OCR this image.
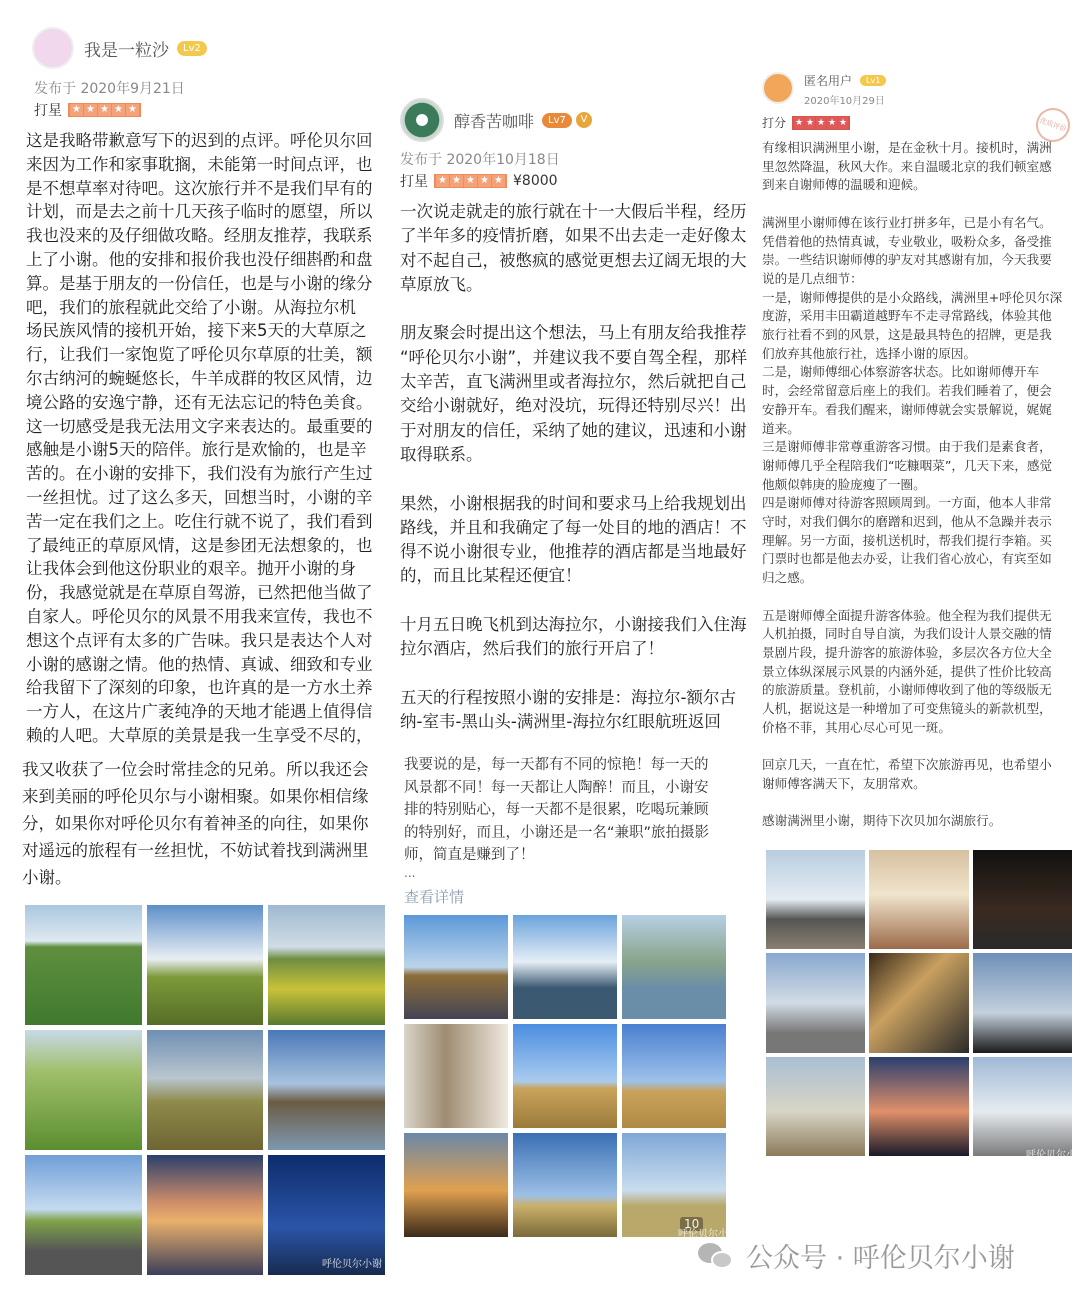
我是一粒沙	Lv2
发布于 2020年9月21日
打星 ★ ★ ★ ★ ★
这是我略带歉意写下的迟到的点评。呼伦贝尔回
来因为工作和家事耽搁，未能第一时间点评，也
是不想草率对待吧。这次旅行并不是我们早有的
计划，而是去之前十几天孩子临时的愿望，所以
我也没来的及仔细做攻略。经朋友推荐，我联系
上了小谢。他的安排和报价我也没仔细斟酌和盘
算。是基于朋友的一份信任，也是与小谢的缘分
吧，我们的旅程就此交给了小谢。从海拉尔机
场民族风情的接机开始，接下来5天的大草原之
行，让我们一家饱览了呼伦贝尔草原的壮美，额
尔古纳河的蜿蜒悠长，牛羊成群的牧区风情，边
境公路的安逸宁静，还有无法忘记的特色美食。
这一切感受是我无法用文字来表达的。最重要的
感触是小谢5天的陪伴。旅行是欢愉的，也是辛
苦的。在小谢的安排下，我们没有为旅行产生过
一丝担忧。过了这么多天，回想当时，小谢的辛
苦一定在我们之上。吃住行就不说了，我们看到
了最纯正的草原风情，这是参团无法想象的，也
让我体会到他这份职业的艰辛。抛开小谢的身
份，我感觉就是在草原自驾游，已然把他当做了
自家人。呼伦贝尔的风景不用我来宣传，我也不
想这个点评有太多的广告味。我只是表达个人对
小谢的感谢之情。他的热情、真诚、细致和专业
给我留下了深刻的印象，也许真的是一方水土养
一方人，在这片广袤纯净的天地才能遇上值得信
赖的人吧。大草原的美景是我一生享受不尽的，
我又收获了一位会时常挂念的兄弟。所以我还会
来到美丽的呼伦贝尔与小谢相聚。如果你相信缘
分，如果你对呼伦贝尔有着神圣的向往，如果你
对遥远的旅程有一丝担忧，不妨试着找到满洲里
小谢。
呼伦贝尔小谢
醇香苦咖啡	Lv7	V
发布于 2020年10月18日
打星 ★ ★ ★ ★ ★ ¥8000
一次说走就走的旅行就在十一大假后半程，经历
了半年多的疫情折磨，如果不出去走一走好像太
对不起自己，被憋疯的感觉更想去辽阔无垠的大
草原放飞。
朋友聚会时提出这个想法，马上有朋友给我推荐
“呼伦贝尔小谢”，并建议我不要自驾全程，那样
太辛苦，直飞满洲里或者海拉尔，然后就把自己
交给小谢就好，绝对没坑，玩得还特别尽兴！出
于对朋友的信任，采纳了她的建议，迅速和小谢
取得联系。
果然，小谢根据我的时间和要求马上给我规划出
路线，并且和我确定了每一处目的地的酒店！不
得不说小谢很专业，他推荐的酒店都是当地最好
的，而且比某程还便宜！
十月五日晚飞机到达海拉尔，小谢接我们入住海
拉尔酒店，然后我们的旅行开启了！
五天的行程按照小谢的安排是：海拉尔-额尔古
纳-室韦-黑山头-满洲里-海拉尔红眼航班返回
我要说的是，每一天都有不同的惊艳！每一天的
风景都不同！每一天都让人陶醉！而且，小谢安
排的特别贴心，每一天都不是很累，吃喝玩兼顾
的特别好，而且，小谢还是一名“兼职”旅拍摄影
师，简直是赚到了！
...
查看详情
10
呼伦贝尔小谢
匿名用户	Lv1
2020年10月29日
打分 ★ ★ ★ ★ ★	优质评价
有缘相识满洲里小谢，是在金秋十月。接机时，满洲
里忽然降温，秋风大作。来自温暖北京的我们顿室感
到来自谢师傅的温暖和迎候。
满洲里小谢师傅在该行业打拼多年，已是小有名气。
凭借着他的热情真诚，专业敬业，吸粉众多，备受推
崇。一些结识谢师傅的驴友对其感谢有加，今天我要
说的是几点细节：
一是，谢师傅提供的是小众路线，满洲里+呼伦贝尔深
度游，采用丰田霸道越野车不走寻常路线，体验其他
旅行社看不到的风景，这是最具特色的招牌，更是我
们放弃其他旅行社，选择小谢的原因。
二是，谢师傅细心体察游客状态。比如谢师傅开车
时，会经常留意后座上的我们。若我们睡着了，便会
安静开车。看我们醒来，谢师傅就会实景解说，娓娓
道来。
三是谢师傅非常尊重游客习惯。由于我们是素食者，
谢师傅几乎全程陪我们“吃糠咽菜”，几天下来，感觉
他颇似韩庚的脸庞瘦了一圈。
四是谢师傅对待游客照顾周到。一方面，他本人非常
守时，对我们偶尔的磨蹭和迟到，他从不急躁并表示
理解。另一方面，接机送机时，帮我们提行李箱。买
门票时也都是他去办妥，让我们省心放心，有宾至如
归之感。
五是谢师傅全面提升游客体验。他全程为我们提供无
人机拍摄，同时自导自演，为我们设计人景交融的情
景剧片段，提升游客的旅游体验，多层次各方位大全
景立体纵深展示风景的内涵外延，提供了性价比较高
的旅游质量。登机前，小谢师傅收到了他的等级版无
人机，据说这是一种增加了可变焦镜头的新款机型，
价格不菲，其用心尽心可见一斑。
回京几天，一直在忙，希望下次旅游再见，也希望小
谢师傅客满天下，友朋常欢。
感谢满洲里小谢，期待下次贝加尔湖旅行。
呼伦贝尔小谢
公众号 · 呼伦贝尔小谢
